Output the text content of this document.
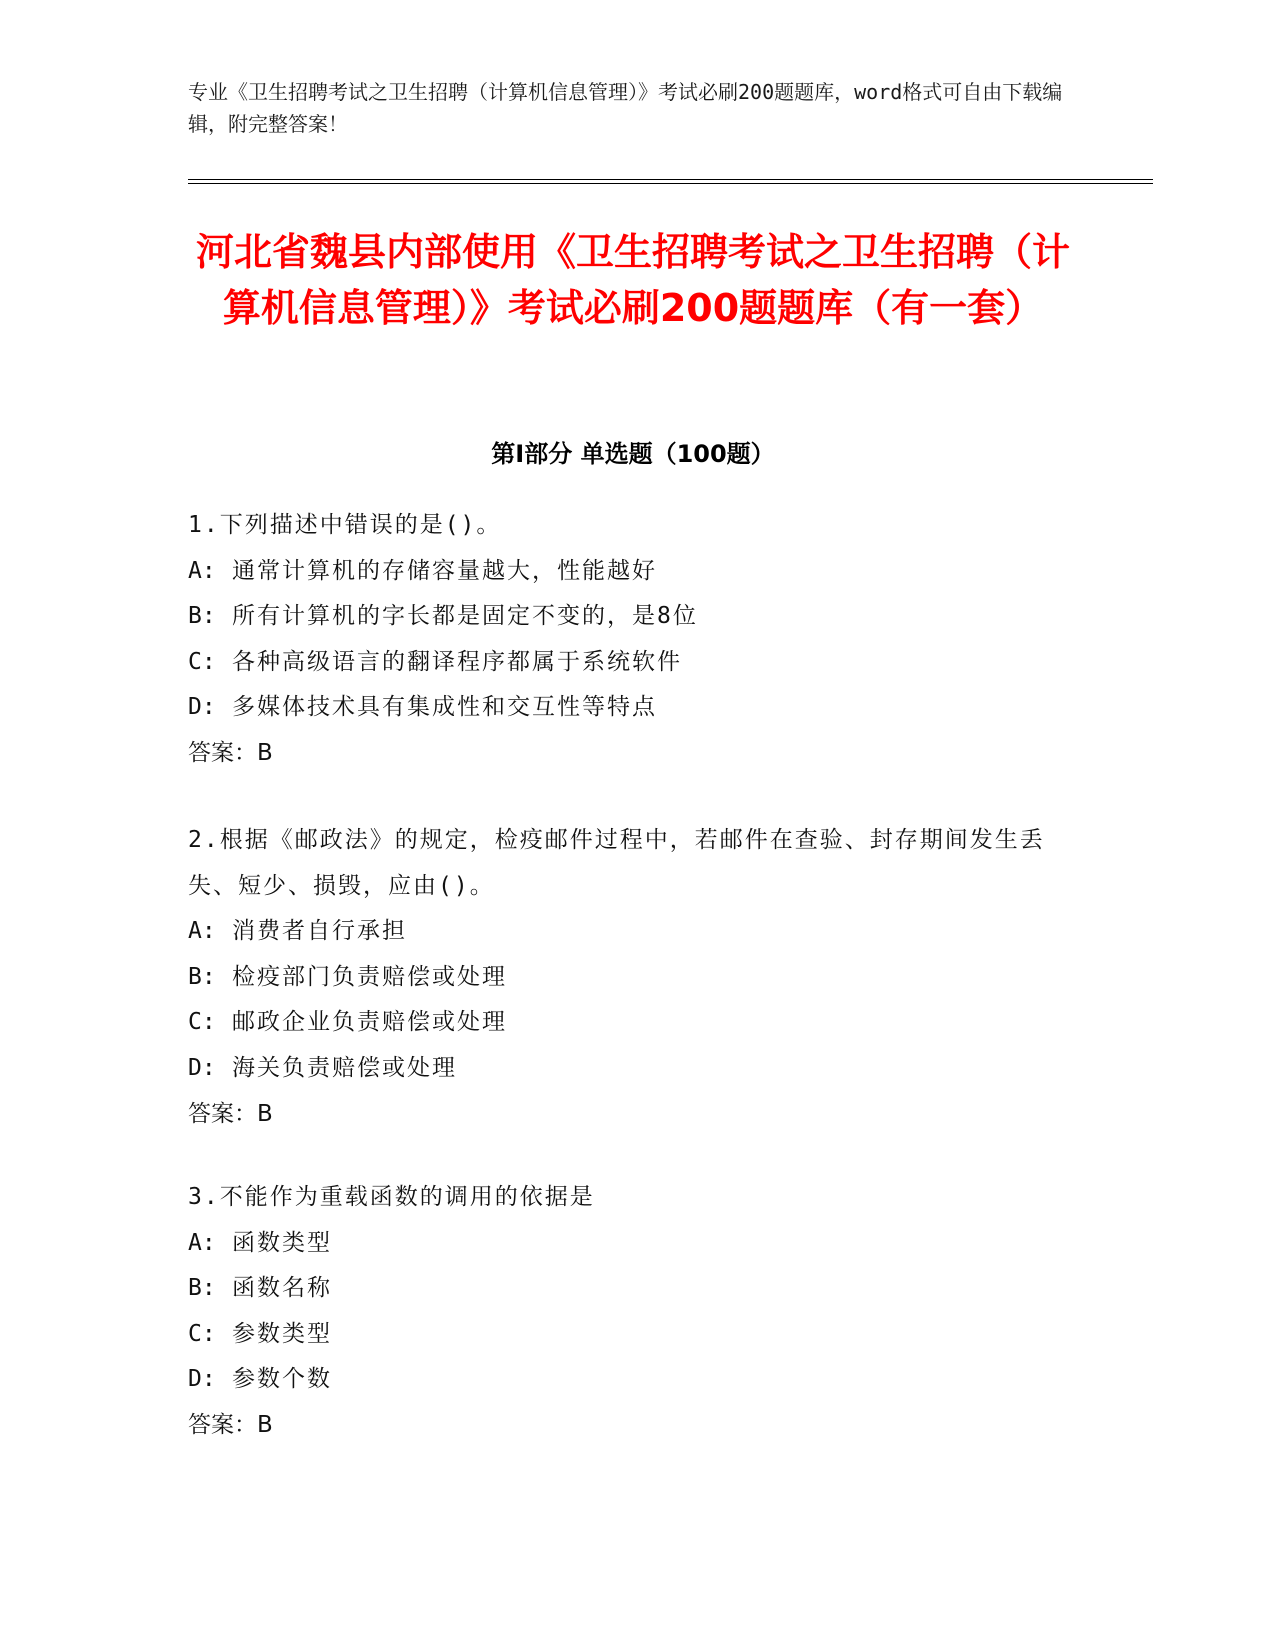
专业《卫生招聘考试之卫生招聘（计算机信息管理）》考试必刷200题题库，word格式可自由下载编辑，附完整答案！
河北省魏县内部使用《卫生招聘考试之卫生招聘（计算机信息管理）》考试必刷200题题库（有一套）
第Ⅰ部分 单选题（100题）
1.下列描述中错误的是()。
A: 通常计算机的存储容量越大，性能越好
B: 所有计算机的字长都是固定不变的，是8位
C: 各种高级语言的翻译程序都属于系统软件
D: 多媒体技术具有集成性和交互性等特点
答案：B
2.根据《邮政法》的规定，检疫邮件过程中，若邮件在查验、封存期间发生丢失、短少、损毁，应由()。
A: 消费者自行承担
B: 检疫部门负责赔偿或处理
C: 邮政企业负责赔偿或处理
D: 海关负责赔偿或处理
答案：B
3.不能作为重载函数的调用的依据是
A: 函数类型
B: 函数名称
C: 参数类型
D: 参数个数
答案：B
